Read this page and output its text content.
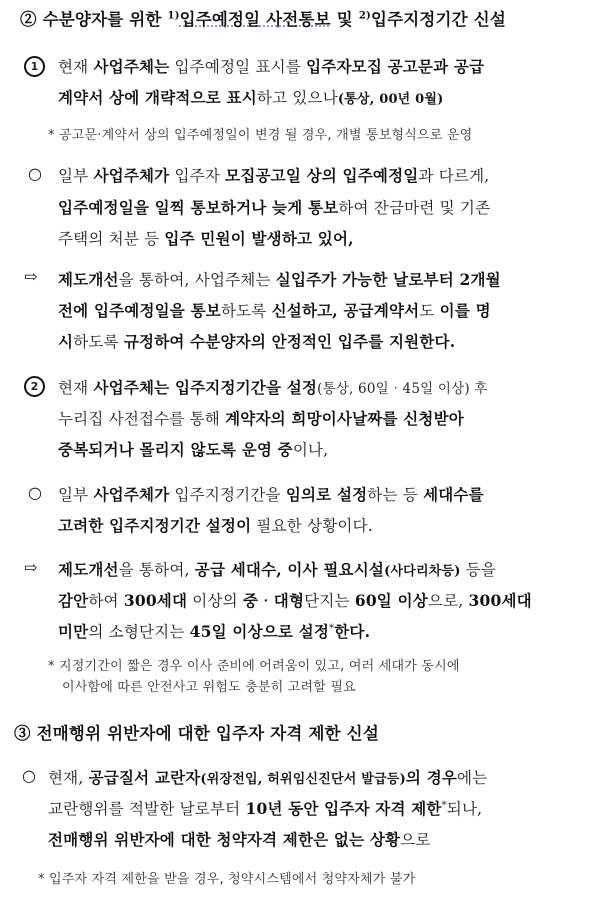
② 수분양자를 위한 $^{1)}$입주예정일 사전통보 및 $^{2)}$입주지정기간 신설
1	현재 사업주체는 입주예정일 표시를 입주자모집 공고문과 공급
계약서 상에 개략적으로 표시하고 있으나(통상, 00년 0월)
* 공고문‧계약서 상의 입주예정일이 변경 될 경우, 개별 통보형식으로 운영
○ 일부 사업주체가 입주자 모집공고일 상의 입주예정일과 다르게,
입주예정일을 일찍 통보하거나 늦게 통보하여 잔금마련 및 기존
주택의 처분 등 입주 민원이 발생하고 있어,
⇨ 제도개선을 통하여, 사업주체는 실입주가 가능한 날로부터 2개월
전에 입주예정일을 통보하도록 신설하고, 공급계약서도 이를 명
시하도록 규정하여 수분양자의 안정적인 입주를 지원한다.
2	현재 사업주체는 입주지정기간을 설정(통상, 60일‧45일 이상) 후
누리집 사전접수를 통해 계약자의 희망이사날짜를 신청받아
중복되거나 몰리지 않도록 운영 중이나,
○ 일부 사업주체가 입주지정기간을 임의로 설정하는 등 세대수를
고려한 입주지정기간 설정이 필요한 상황이다.
⇨ 제도개선을 통하여, 공급 세대수, 이사 필요시설(사다리차등) 등을
감안하여 300세대 이상의 중‧대형단지는 60일 이상으로, 300세대
미만의 소형단지는 45일 이상으로 설정*한다.
* 지정기간이 짧은 경우 이사 준비에 어려움이 있고, 여러 세대가 동시에
이사함에 따른 안전사고 위험도 충분히 고려할 필요
③ 전매행위 위반자에 대한 입주자 자격 제한 신설
○ 현재, 공급질서 교란자(위장전입, 허위임신진단서 발급등)의 경우에는
교란행위를 적발한 날로부터 10년 동안 입주자 자격 제한*되나,
전매행위 위반자에 대한 청약자격 제한은 없는 상황으로
* 입주자 자격 제한을 받을 경우, 청약시스템에서 청약자체가 불가
